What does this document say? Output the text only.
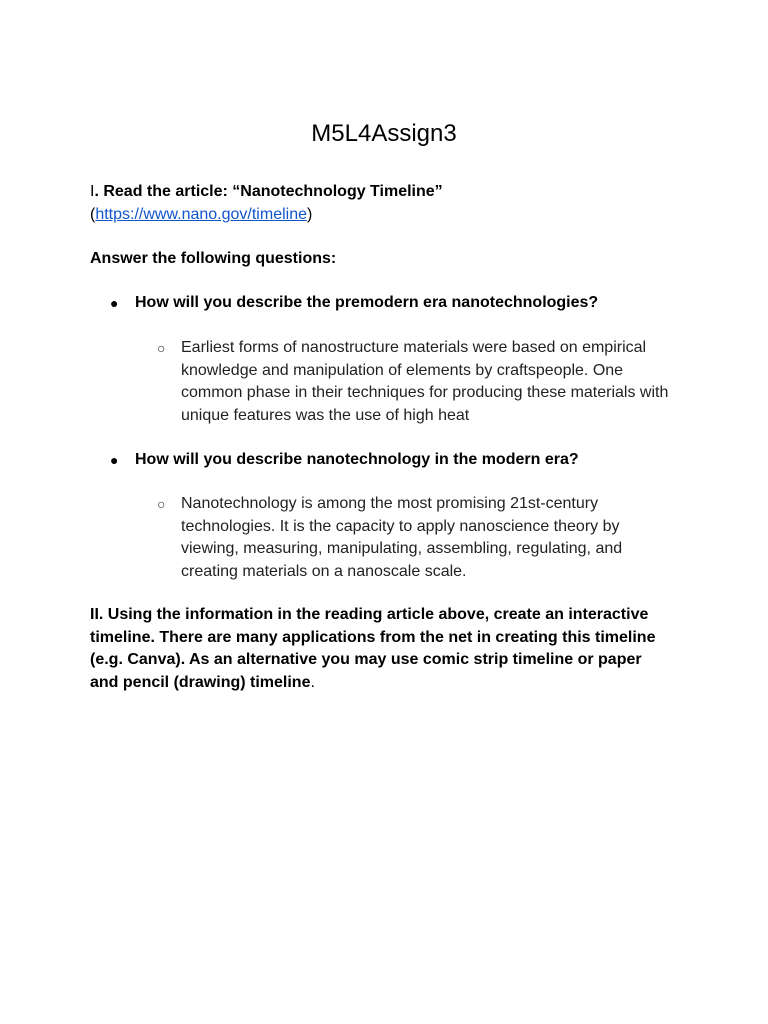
M5L4Assign3
I. Read the article: “Nanotechnology Timeline”
(https://www.nano.gov/timeline)
Answer the following questions:
●	How will you describe the premodern era nanotechnologies?
○ Earliest forms of nanostructure materials were based on empirical
knowledge and manipulation of elements by craftspeople. One
common phase in their techniques for producing these materials with
unique features was the use of high heat
●	How will you describe nanotechnology in the modern era?
○ Nanotechnology is among the most promising 21st-century
technologies. It is the capacity to apply nanoscience theory by
viewing, measuring, manipulating, assembling, regulating, and
creating materials on a nanoscale scale.
II. Using the information in the reading article above, create an interactive
timeline. There are many applications from the net in creating this timeline
(e.g. Canva). As an alternative you may use comic strip timeline or paper
and pencil (drawing) timeline.
